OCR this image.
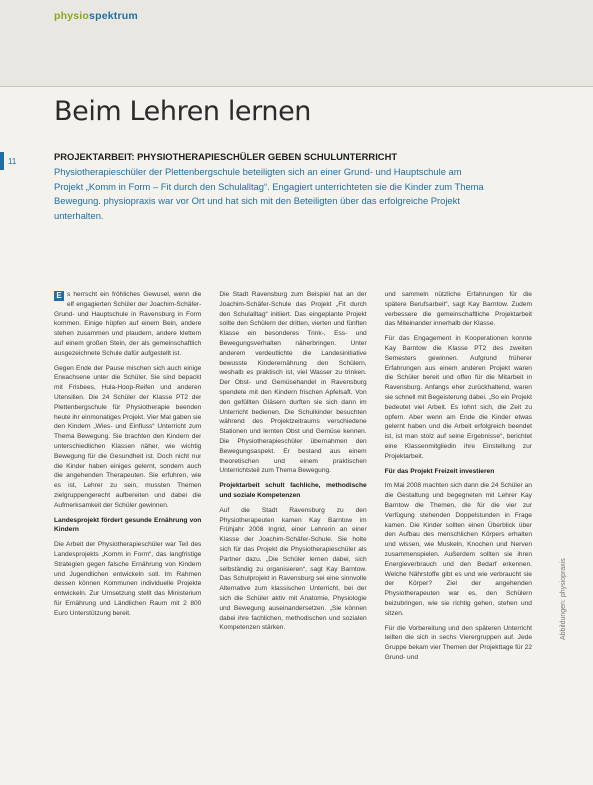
physiospektrum
Beim Lehren lernen
11	PROJEKTARBEIT: PHYSIOTHERAPIESCHÜLER GEBEN SCHULUNTERRICHT Physiotherapieschüler der Plettenbergschule beteiligten sich an einer Grund- und Hauptschule am Projekt „Komm in Form – Fit durch den Schulalltag“. Engagiert unterrichteten sie die Kinder zum Thema Bewegung. physiopraxis war vor Ort und hat sich mit den Beteiligten über das erfolgreiche Projekt unterhalten.

E s herrscht ein fröhliches Gewusel, wenn die elf engagierten Schüler der Joachim-Schäfer-Grund- und Hauptschule in Ravensburg in Form kommen. Einige hüpfen auf einem Bein, andere stehen zusammen und plaudern, andere klettern auf einem großen Stein, der als gemeinschaftlich ausgezeichnete Schule dafür aufgestellt ist.

Gegen Ende der Pause mischen sich auch einige Erwachsene unter die Schüler. Sie sind bepackt mit Frisbees, Hula-Hoop-Reifen und anderen Utensilien. Die 24 Schüler der Klasse PT2 der Plettenbergschule für Physiotherapie beenden heute ihr einmonatiges Projekt. Vier Mal gaben sie den Kindern „Wies- und Einfluss“ Unterricht zum Thema Bewegung. Sie brachten den Kindern der unterschiedlichen Klassen näher, wie wichtig Bewegung für die Gesundheit ist. Doch nicht nur die Kinder haben einiges gelernt, sondern auch die angehenden Therapeuten. Sie erfuhren, wie es ist, Lehrer zu sein, mussten Themen zielgruppengerecht aufbereiten und dabei die Aufmerksamkeit der Schüler gewinnen.

Landesprojekt fördert gesunde Ernährung von Kindern

Die Arbeit der Physiotherapieschüler war Teil des Landesprojekts „Komm in Form“, das langfristige Strategien gegen falsche Ernährung von Kindern und Jugendlichen entwickeln soll. Im Rahmen dessen können Kommunen individuelle Projekte entwickeln. Zur Umsetzung stellt das Ministerium für Ernährung und Ländlichen Raum mit 2 800 Euro Unterstützung bereit.

Die Stadt Ravensburg zum Beispiel hat an der Joachim-Schäfer-Schule das Projekt „Fit durch den Schulalltag“ initiiert. Das eingeplante Projekt sollte den Schülern der dritten, vierten und fünften Klasse ein besonderes Trink-, Ess- und Bewegungsverhalten näherbringen. Unter anderem verdeutlichte die Landesinitiative bewusste Kinderernährung den Schülern, weshalb es praktisch ist, viel Wasser zu trinken. Der Obst- und Gemüsehandel in Ravensburg spendete mit den Kindern frischen Apfelsaft. Von den gefüllten Gläsern durften sie sich dann im Unterricht bedienen. Die Schulkinder besuchten während des Projektzeitraums verschiedene Stationen und lernten Obst und Gemüse kennen. Die Physiotherapieschüler übernahmen den Bewegungsaspekt. Er bestand aus einem theoretischen und einem praktischen Unterrichtsteil zum Thema Bewegung.

Projektarbeit schult fachliche, methodische und soziale Kompetenzen

Auf die Stadt Ravensburg zu den Physiotherapeuten kamen Kay Barntow im Frühjahr 2008 Ingrid, einer Lehrerin an einer Klasse der Joachim-Schäfer-Schule. Sie holte sich für das Projekt die Physiotherapieschüler als Partner dazu. „Die Schüler lernen dabei, sich selbständig zu organisieren“, sagt Kay Barntow. Das Schulprojekt in Ravensburg sei eine sinnvolle Alternative zum klassischen Unterricht, bei der sich die Schüler aktiv mit Anatomie, Physiologie und Bewegung auseinandersetzen. „Sie können dabei ihre fachlichen, methodischen und sozialen Kompetenzen stärken.

und sammeln nützliche Erfahrungen für die spätere Berufsarbeit“, sagt Kay Barntow. Zudem verbessere die gemeinschaftliche Projektarbeit das Miteinander innerhalb der Klasse.

Für das Engagement in Kooperationen konnte Kay Barntow die Klasse PT2 des zweiten Semesters gewinnen. Aufgrund früherer Erfahrungen aus einem anderen Projekt waren die Schüler bereit und offen für die Mitarbeit in Ravensburg. Anfangs eher zurückhaltend, waren sie schnell mit Begeisterung dabei. „So ein Projekt bedeutet viel Arbeit. Es lohnt sich, die Zeit zu opfern. Aber wenn am Ende die Kinder etwas gelernt haben und die Arbeit erfolgreich beendet ist, ist man stolz auf seine Ergebnisse“, berichtet eine Klassenmitgliedin ihre Einstellung zur Projektarbeit.

Für das Projekt Freizeit investieren

Im Mai 2008 machten sich dann die 24 Schüler an die Gestaltung und begegneten mit Lehrer Kay Barntow die Themen, die für die vier zur Verfügung stehenden Doppelstunden in Frage kamen. Die Kinder sollten einen Überblick über den Aufbau des menschlichen Körpers erhalten und wissen, wie Muskeln, Knochen und Nerven zusammenspielen. Außerdem sollten sie ihren Energieverbrauch und den Bedarf erkennen. Welche Nährstoffe gibt es und wie verbraucht sie der Körper? Ziel der angehenden Physiotherapeuten war es, den Schülern beizubringen, wie sie richtig gehen, stehen und sitzen.

Für die Vorbereitung und den späteren Unterricht teilten die sich in sechs Vierergruppen auf. Jede Gruppe bekam vier Themen der Projekttage für 22 Grund- und

Abbildungen: physiopraxis
